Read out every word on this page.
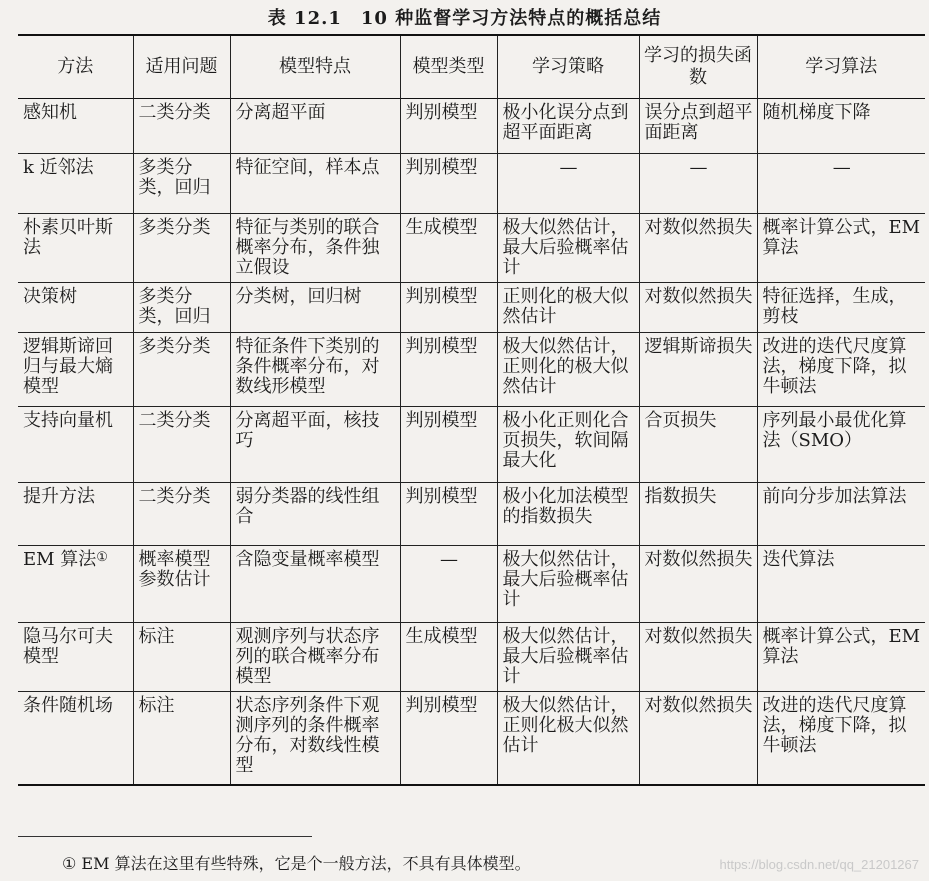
表 12.1　10 种监督学习方法特点的概括总结
方法	适用问题	模型特点	模型类型	学习策略	学习的损失函数	学习算法
感知机	二类分类	分离超平面	判别模型	极小化误分点到超平面距离	误分点到超平面距离	随机梯度下降
k 近邻法	多类分类，回归	特征空间，样本点	判别模型	—	—	—
朴素贝叶斯法	多类分类	特征与类别的联合概率分布，条件独立假设	生成模型	极大似然估计，最大后验概率估计	对数似然损失	概率计算公式，EM 算法
决策树	多类分类，回归	分类树，回归树	判别模型	正则化的极大似然估计	对数似然损失	特征选择，生成，剪枝
逻辑斯谛回归与最大熵模型	多类分类	特征条件下类别的条件概率分布，对数线形模型	判别模型	极大似然估计，正则化的极大似然估计	逻辑斯谛损失	改进的迭代尺度算法，梯度下降，拟牛顿法
支持向量机	二类分类	分离超平面，核技巧	判别模型	极小化正则化合页损失，软间隔最大化	合页损失	序列最小最优化算法（SMO）
提升方法	二类分类	弱分类器的线性组合	判别模型	极小化加法模型的指数损失	指数损失	前向分步加法算法
EM 算法①	概率模型参数估计	含隐变量概率模型	—	极大似然估计，最大后验概率估计	对数似然损失	迭代算法
隐马尔可夫模型	标注	观测序列与状态序列的联合概率分布模型	生成模型	极大似然估计，最大后验概率估计	对数似然损失	概率计算公式，EM 算法
条件随机场	标注	状态序列条件下观测序列的条件概率分布，对数线性模型	判别模型	极大似然估计，正则化极大似然估计	对数似然损失	改进的迭代尺度算法，梯度下降，拟牛顿法
① EM 算法在这里有些特殊，它是个一般方法，不具有具体模型。	https://blog.csdn.net/qq_21201267
